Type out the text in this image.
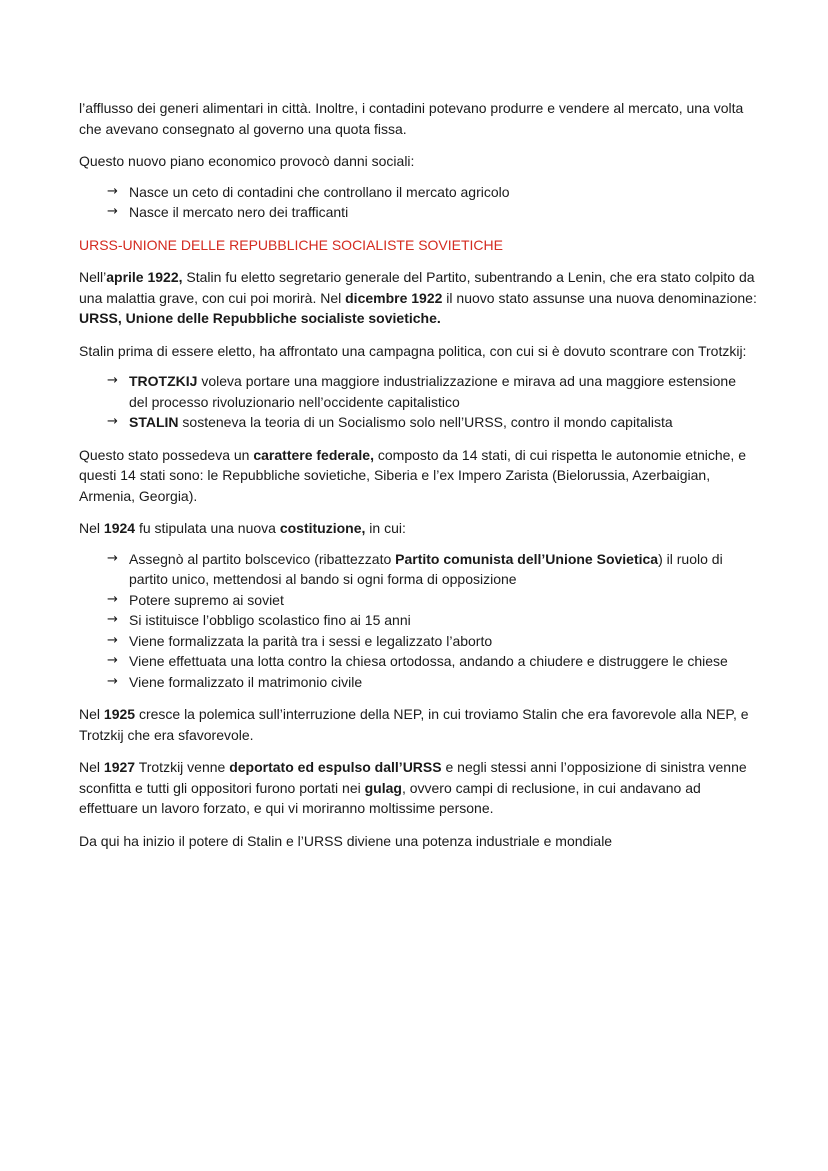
l’afflusso dei generi alimentari in città. Inoltre, i contadini potevano produrre e vendere al mercato, una volta che avevano consegnato al governo una quota fissa.

Questo nuovo piano economico provocò danni sociali:

→ Nasce un ceto di contadini che controllano il mercato agricolo
→ Nasce il mercato nero dei trafficanti
URSS-UNIONE DELLE REPUBBLICHE SOCIALISTE SOVIETICHE

Nell’aprile 1922, Stalin fu eletto segretario generale del Partito, subentrando a Lenin, che era stato colpito da una malattia grave, con cui poi morirà. Nel dicembre 1922 il nuovo stato assunse una nuova denominazione: URSS, Unione delle Repubbliche socialiste sovietiche.

Stalin prima di essere eletto, ha affrontato una campagna politica, con cui si è dovuto scontrare con Trotzkij:

→ TROTZKIJ voleva portare una maggiore industrializzazione e mirava ad una maggiore estensione del processo rivoluzionario nell’occidente capitalistico
→ STALIN sosteneva la teoria di un Socialismo solo nell’URSS, contro il mondo capitalista

Questo stato possedeva un carattere federale, composto da 14 stati, di cui rispetta le autonomie etniche, e questi 14 stati sono: le Repubbliche sovietiche, Siberia e l’ex Impero Zarista (Bielorussia, Azerbaigian, Armenia, Georgia).

Nel 1924 fu stipulata una nuova costituzione, in cui:

→ Assegnò al partito bolscevico (ribattezzato Partito comunista dell’Unione Sovietica) il ruolo di partito unico, mettendosi al bando si ogni forma di opposizione
→ Potere supremo ai soviet
→ Si istituisce l’obbligo scolastico fino ai 15 anni
→ Viene formalizzata la parità tra i sessi e legalizzato l’aborto
→ Viene effettuata una lotta contro la chiesa ortodossa, andando a chiudere e distruggere le chiese
→ Viene formalizzato il matrimonio civile

Nel 1925 cresce la polemica sull’interruzione della NEP, in cui troviamo Stalin che era favorevole alla NEP, e Trotzkij che era sfavorevole.

Nel 1927 Trotzkij venne deportato ed espulso dall’URSS e negli stessi anni l’opposizione di sinistra venne sconfitta e tutti gli oppositori furono portati nei gulag, ovvero campi di reclusione, in cui andavano ad effettuare un lavoro forzato, e qui vi moriranno moltissime persone.

Da qui ha inizio il potere di Stalin e l’URSS diviene una potenza industriale e mondiale
